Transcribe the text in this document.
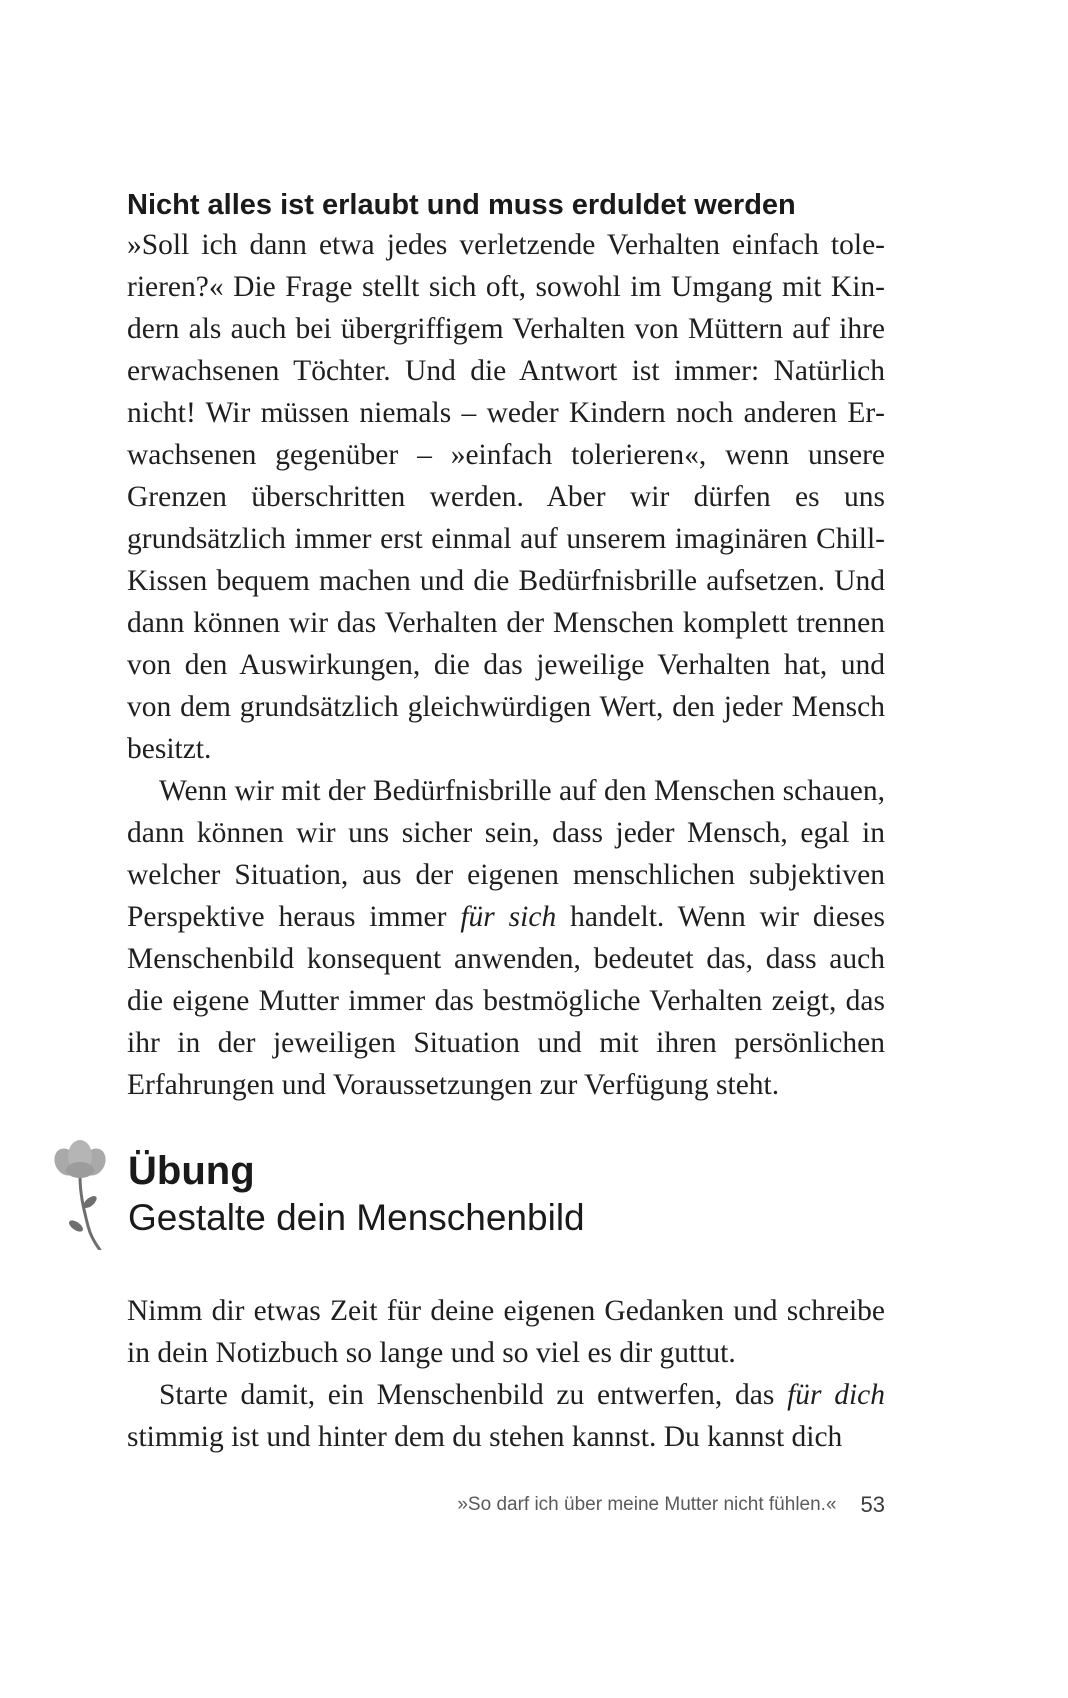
Nicht alles ist erlaubt und muss erduldet werden

»Soll ich dann etwa jedes verletzende Verhalten einfach tolerieren?« Die Frage stellt sich oft, sowohl im Umgang mit Kindern als auch bei übergriffigem Verhalten von Müttern auf ihre erwachsenen Töchter. Und die Antwort ist immer: Natürlich nicht! Wir müssen niemals – weder Kindern noch anderen Erwachsenen gegenüber – »einfach tolerieren«, wenn unsere Grenzen überschritten werden. Aber wir dürfen es uns grundsätzlich immer erst einmal auf unserem imaginären Chill-Kissen bequem machen und die Bedürfnisbrille aufsetzen. Und dann können wir das Verhalten der Menschen komplett trennen von den Auswirkungen, die das jeweilige Verhalten hat, und von dem grundsätzlich gleichwürdigen Wert, den jeder Mensch besitzt.

Wenn wir mit der Bedürfnisbrille auf den Menschen schauen, dann können wir uns sicher sein, dass jeder Mensch, egal in welcher Situation, aus der eigenen menschlichen subjektiven Perspektive heraus immer für sich handelt. Wenn wir dieses Menschenbild konsequent anwenden, bedeutet das, dass auch die eigene Mutter immer das bestmögliche Verhalten zeigt, das ihr in der jeweiligen Situation und mit ihren persönlichen Erfahrungen und Voraussetzungen zur Verfügung steht.

Übung
Gestalte dein Menschenbild

Nimm dir etwas Zeit für deine eigenen Gedanken und schreibe in dein Notizbuch so lange und so viel es dir guttut.

Starte damit, ein Menschenbild zu entwerfen, das für dich stimmig ist und hinter dem du stehen kannst. Du kannst dich

»So darf ich über meine Mutter nicht fühlen.« 53
